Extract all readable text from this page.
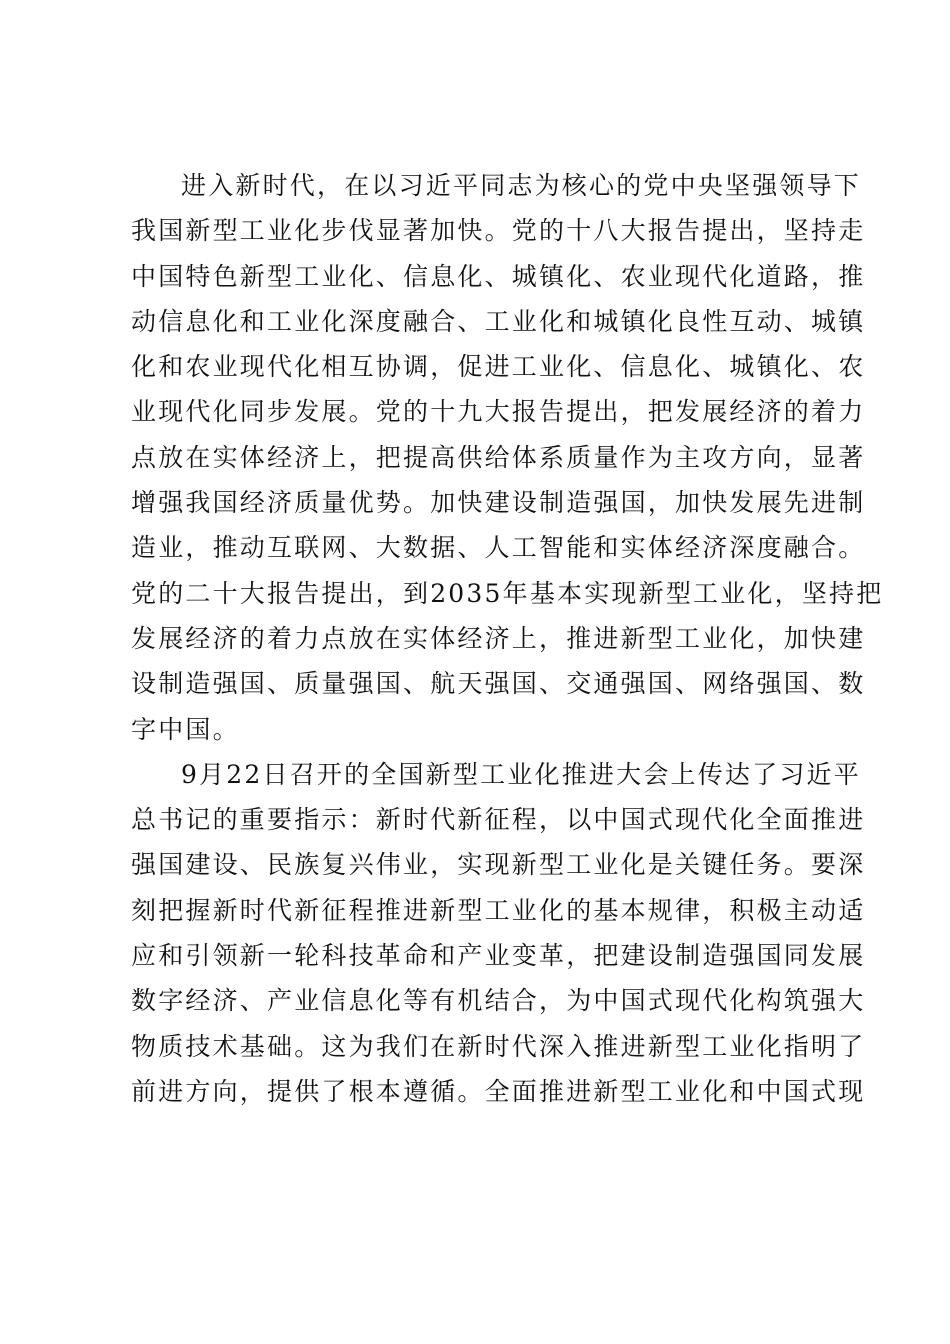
进入新时代，在以习近平同志为核心的党中央坚强领导下
我国新型工业化步伐显著加快。党的十八大报告提出，坚持走
中国特色新型工业化、信息化、城镇化、农业现代化道路，推
动信息化和工业化深度融合、工业化和城镇化良性互动、城镇
化和农业现代化相互协调，促进工业化、信息化、城镇化、农
业现代化同步发展。党的十九大报告提出，把发展经济的着力
点放在实体经济上，把提高供给体系质量作为主攻方向，显著
增强我国经济质量优势。加快建设制造强国，加快发展先进制
造业，推动互联网、大数据、人工智能和实体经济深度融合。
党的二十大报告提出，到2035年基本实现新型工业化，坚持把
发展经济的着力点放在实体经济上，推进新型工业化，加快建
设制造强国、质量强国、航天强国、交通强国、网络强国、数
字中国。
9月22日召开的全国新型工业化推进大会上传达了习近平
总书记的重要指示：新时代新征程，以中国式现代化全面推进
强国建设、民族复兴伟业，实现新型工业化是关键任务。要深
刻把握新时代新征程推进新型工业化的基本规律，积极主动适
应和引领新一轮科技革命和产业变革，把建设制造强国同发展
数字经济、产业信息化等有机结合，为中国式现代化构筑强大
物质技术基础。这为我们在新时代深入推进新型工业化指明了
前进方向，提供了根本遵循。全面推进新型工业化和中国式现
